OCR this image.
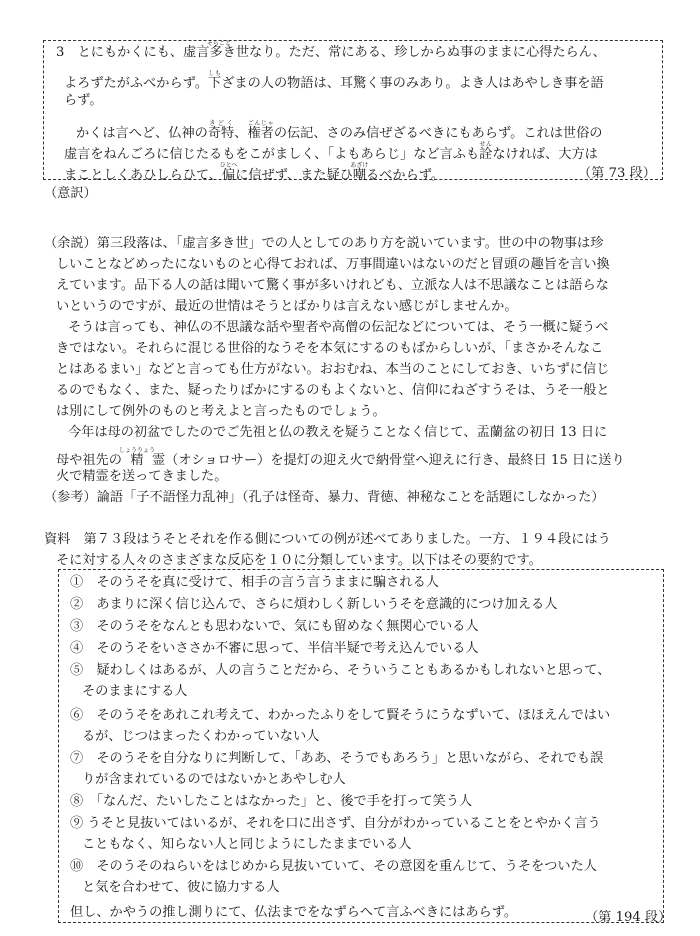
3　とにもかくにも、虚言多き世なり。ただ、常にある、珍しからぬ事のままに心得たらん、
そらごと
よろずたがふべからず。下しもざまの人の物語は、耳驚く事のみあり。よき人はあやしき事を語
らず。
かくは言へど、仏神の奇特きどく、権者ごんじゃの伝記、さのみ信ぜざるべきにもあらず。これは世俗の
虚言をねんごろに信じたるもをこがましく、「よもあらじ」など言ふも詮せんなければ、大方は
まことしくあひしらひて、偏ひとへに信ぜず、また疑ひ嘲あざけるべからず。	（第 73 段）
（意訳）
（余説）第三段落は、「虚言多き世」での人としてのあり方を説いています。世の中の物事は珍
しいことなどめったにないものと心得ておれば、万事間違いはないのだと冒頭の趣旨を言い換
えています。品下る人の話は聞いて驚く事が多いけれども、立派な人は不思議なことは語らな
いというのですが、最近の世情はそうとばかりは言えない感じがしませんか。
そうは言っても、神仏の不思議な話や聖者や高僧の伝記などについては、そう一概に疑うべ
きではない。それらに混じる世俗的なうそを本気にするのもばからしいが、「まさかそんなこ
とはあるまい」などと言っても仕方がない。おおむね、本当のことにしておき、いちずに信じ
るのでもなく、また、疑ったりばかにするのもよくないと、信仰にねざすうそは、うそ一般と
は別にして例外のものと考えよと言ったものでしょう。
今年は母の初盆でしたのでご先祖と仏の教えを疑うことなく信じて、盂蘭盆の初日 13 日に
母や祖先の精しょうりょう霊（オショロサー）を提灯の迎え火で納骨堂へ迎えに行き、最終日 15 日に送り
火で精霊を送ってきました。
（参考）論語「子不語怪力乱神」（孔子は怪奇、暴力、背徳、神秘なことを話題にしなかった）
資料　第７３段はうそとそれを作る側についての例が述べてありました。一方、１９４段にはう
そに対する人々のさまざまな反応を１０に分類しています。以下はその要約です。
①　そのうそを真に受けて、相手の言う言うままに騙される人
②　あまりに深く信じ込んで、さらに煩わしく新しいうそを意識的につけ加える人
③　そのうそをなんとも思わないで、気にも留めなく無関心でいる人
④　そのうそをいささか不審に思って、半信半疑で考え込んでいる人
⑤　疑わしくはあるが、人の言うことだから、そういうこともあるかもしれないと思って、
そのままにする人
⑥　そのうそをあれこれ考えて、わかったふりをして賢そうにうなずいて、ほほえんではい
るが、じつはまったくわかっていない人
⑦　そのうそを自分なりに判断して、「ああ、そうでもあろう」と思いながら、それでも誤
りが含まれているのではないかとあやしむ人
⑧　「なんだ、たいしたことはなかった」と、後で手を打って笑う人
⑨ うそと見抜いてはいるが、それを口に出さず、自分がわかっていることをとやかく言う
こともなく、知らない人と同じようにしたままでいる人
⑩　そのうそのねらいをはじめから見抜いていて、その意図を重んじて、うそをついた人
と気を合わせて、彼に協力する人
但し、かやうの推し測りにて、仏法までをなずらへて言ふべきにはあらず。	（第 194 段）
